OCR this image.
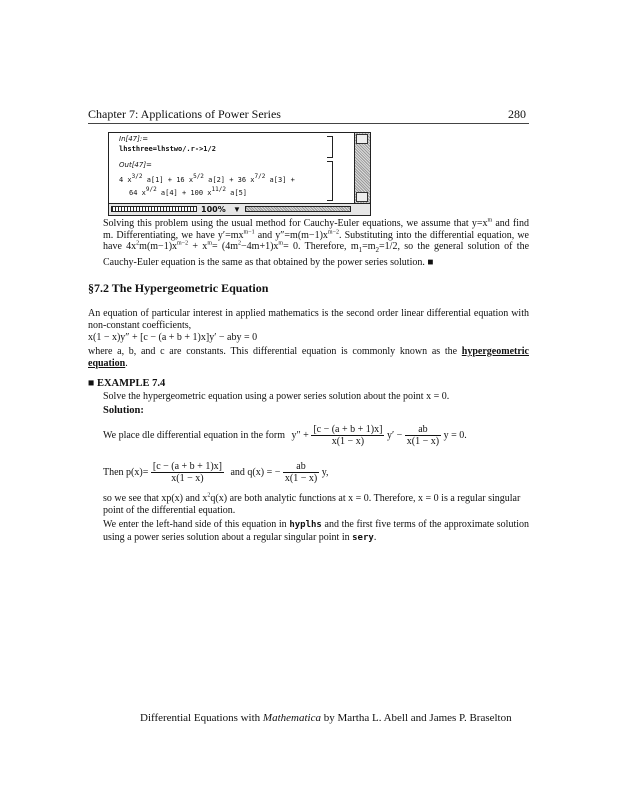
Chapter 7: Applications of Power Series	280
In[47]:=
lhsthree=lhstwo/.r->1/2
Out[47]=
4 x3/2 a[1] + 16 x5/2 a[2] + 36 x7/2 a[3] +
64 x9/2 a[4] + 100 x11/2 a[5]
100% ▼
Solving this problem using the usual method for Cauchy-Euler equations, we assume that $y=x^m$ and find m. Differentiating, we have $y'=mx^{m-1}$ and $y''=m(m-1)x^{m-2}$. Substituting into the differential equation, we have $4x^2m(m-1)x^{m-2} + x^m= (4m^2-4m+1)x^m= 0$. Therefore, $m_1=m_2=1/2$, so the general solution of the Cauchy-Euler equation is the same as that obtained by the power series solution. ■
§7.2 The Hypergeometric Equation
An equation of particular interest in applied mathematics is the second order linear differential equation with non-constant coefficients,
x(1 − x)y″ + [c − (a + b + 1)x]y′ − aby = 0
where a, b, and c are constants. This differential equation is commonly known as the hypergeometric equation.
■ EXAMPLE 7.4
Solve the hypergeometric equation using a power series solution about the point x = 0.
Solution:
We place dle differential equation in the form $y'' + \frac{[c - (a + b + 1)x]}{x(1 - x)} y' - \frac{ab}{x(1 - x)}$ y = 0.
Then $p(x)= \frac{[c - (a + b + 1)x]}{x(1 - x)}$ and q(x) = − $\frac{ab}{x(1 - x)} y$,
so we see that xp(x) and $x^2q(x)$ are both analytic functions at x = 0. Therefore, x = 0 is a regular singular point of the differential equation.
We enter the left-hand side of this equation in hyplhs and the first five terms of the approximate solution using a power series solution about a regular singular point in sery.
Differential Equations with Mathematica by Martha L. Abell and James P. Braselton
